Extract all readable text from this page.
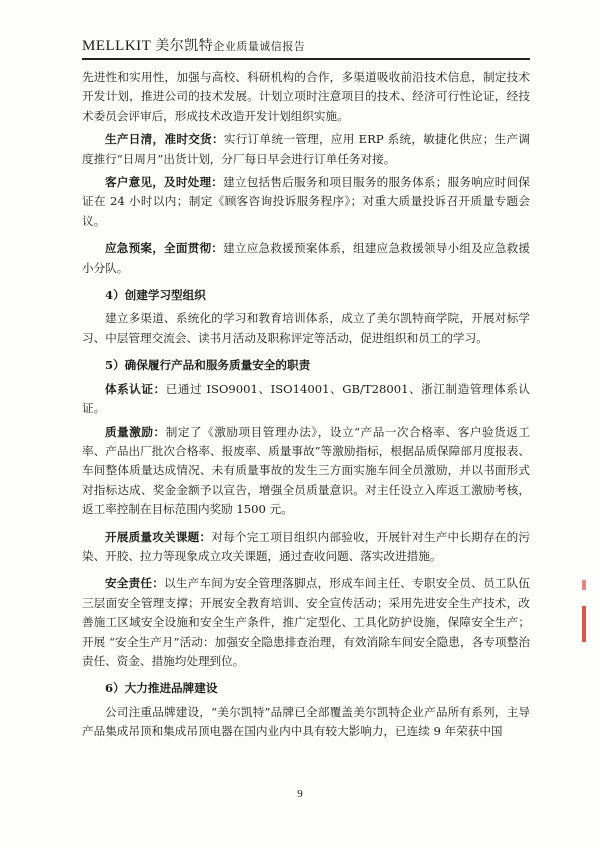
MELLKIT 美尔凯特企业质量诚信报告

先进性和实用性，加强与高校、科研机构的合作，多渠道吸收前沿技术信息，制定技术开发计划，推进公司的技术发展。计划立项时注意项目的技术、经济可行性论证，经技术委员会评审后，形成技术改造开发计划组织实施。

生产日清，准时交货：实行订单统一管理，应用 ERP 系统，敏捷化供应；生产调度推行“日周月”出货计划，分厂每日早会进行订单任务对接。

客户意见，及时处理：建立包括售后服务和项目服务的服务体系；服务响应时间保证在 24 小时以内；制定《顾客咨询投诉服务程序》；对重大质量投诉召开质量专题会议。

应急预案，全面贯彻：建立应急救援预案体系，组建应急救援领导小组及应急救援小分队。

4）创建学习型组织

建立多渠道、系统化的学习和教育培训体系，成立了美尔凯特商学院，开展对标学习、中层管理交流会、读书月活动及职称评定等活动，促进组织和员工的学习。

5）确保履行产品和服务质量安全的职责

体系认证：已通过 ISO9001、ISO14001、GB/T28001、浙江制造管理体系认证。

质量激励：制定了《激励项目管理办法》，设立“产品一次合格率、客户验货返工率、产品出厂批次合格率、报废率、质量事故”等激励指标，根据品质保障部月度报表、车间整体质量达成情况、未有质量事故的发生三方面实施车间全员激励，并以书面形式对指标达成、奖金金额予以宣告，增强全员质量意识。对主任设立入库返工激励考核，返工率控制在目标范围内奖励 1500 元。

开展质量攻关课题：对每个完工项目组织内部验收，开展针对生产中长期存在的污染、开胶、拉力等现象成立攻关课题，通过查收问题、落实改进措施。

安全责任：以生产车间为安全管理落脚点，形成车间主任、专职安全员、员工队伍三层面安全管理支撑；开展安全教育培训、安全宣传活动；采用先进安全生产技术，改善施工区域安全设施和安全生产条件，推广定型化、工具化防护设施，保障安全生产；开展 “安全生产月”活动：加强安全隐患排查治理，有效消除车间安全隐患，各专项整治责任、资金、措施均处理到位。

6）大力推进品牌建设

公司注重品牌建设，“美尔凯特”品牌已全部覆盖美尔凯特企业产品所有系列，主导产品集成吊顶和集成吊顶电器在国内业内中具有较大影响力，已连续 9 年荣获中国

9
